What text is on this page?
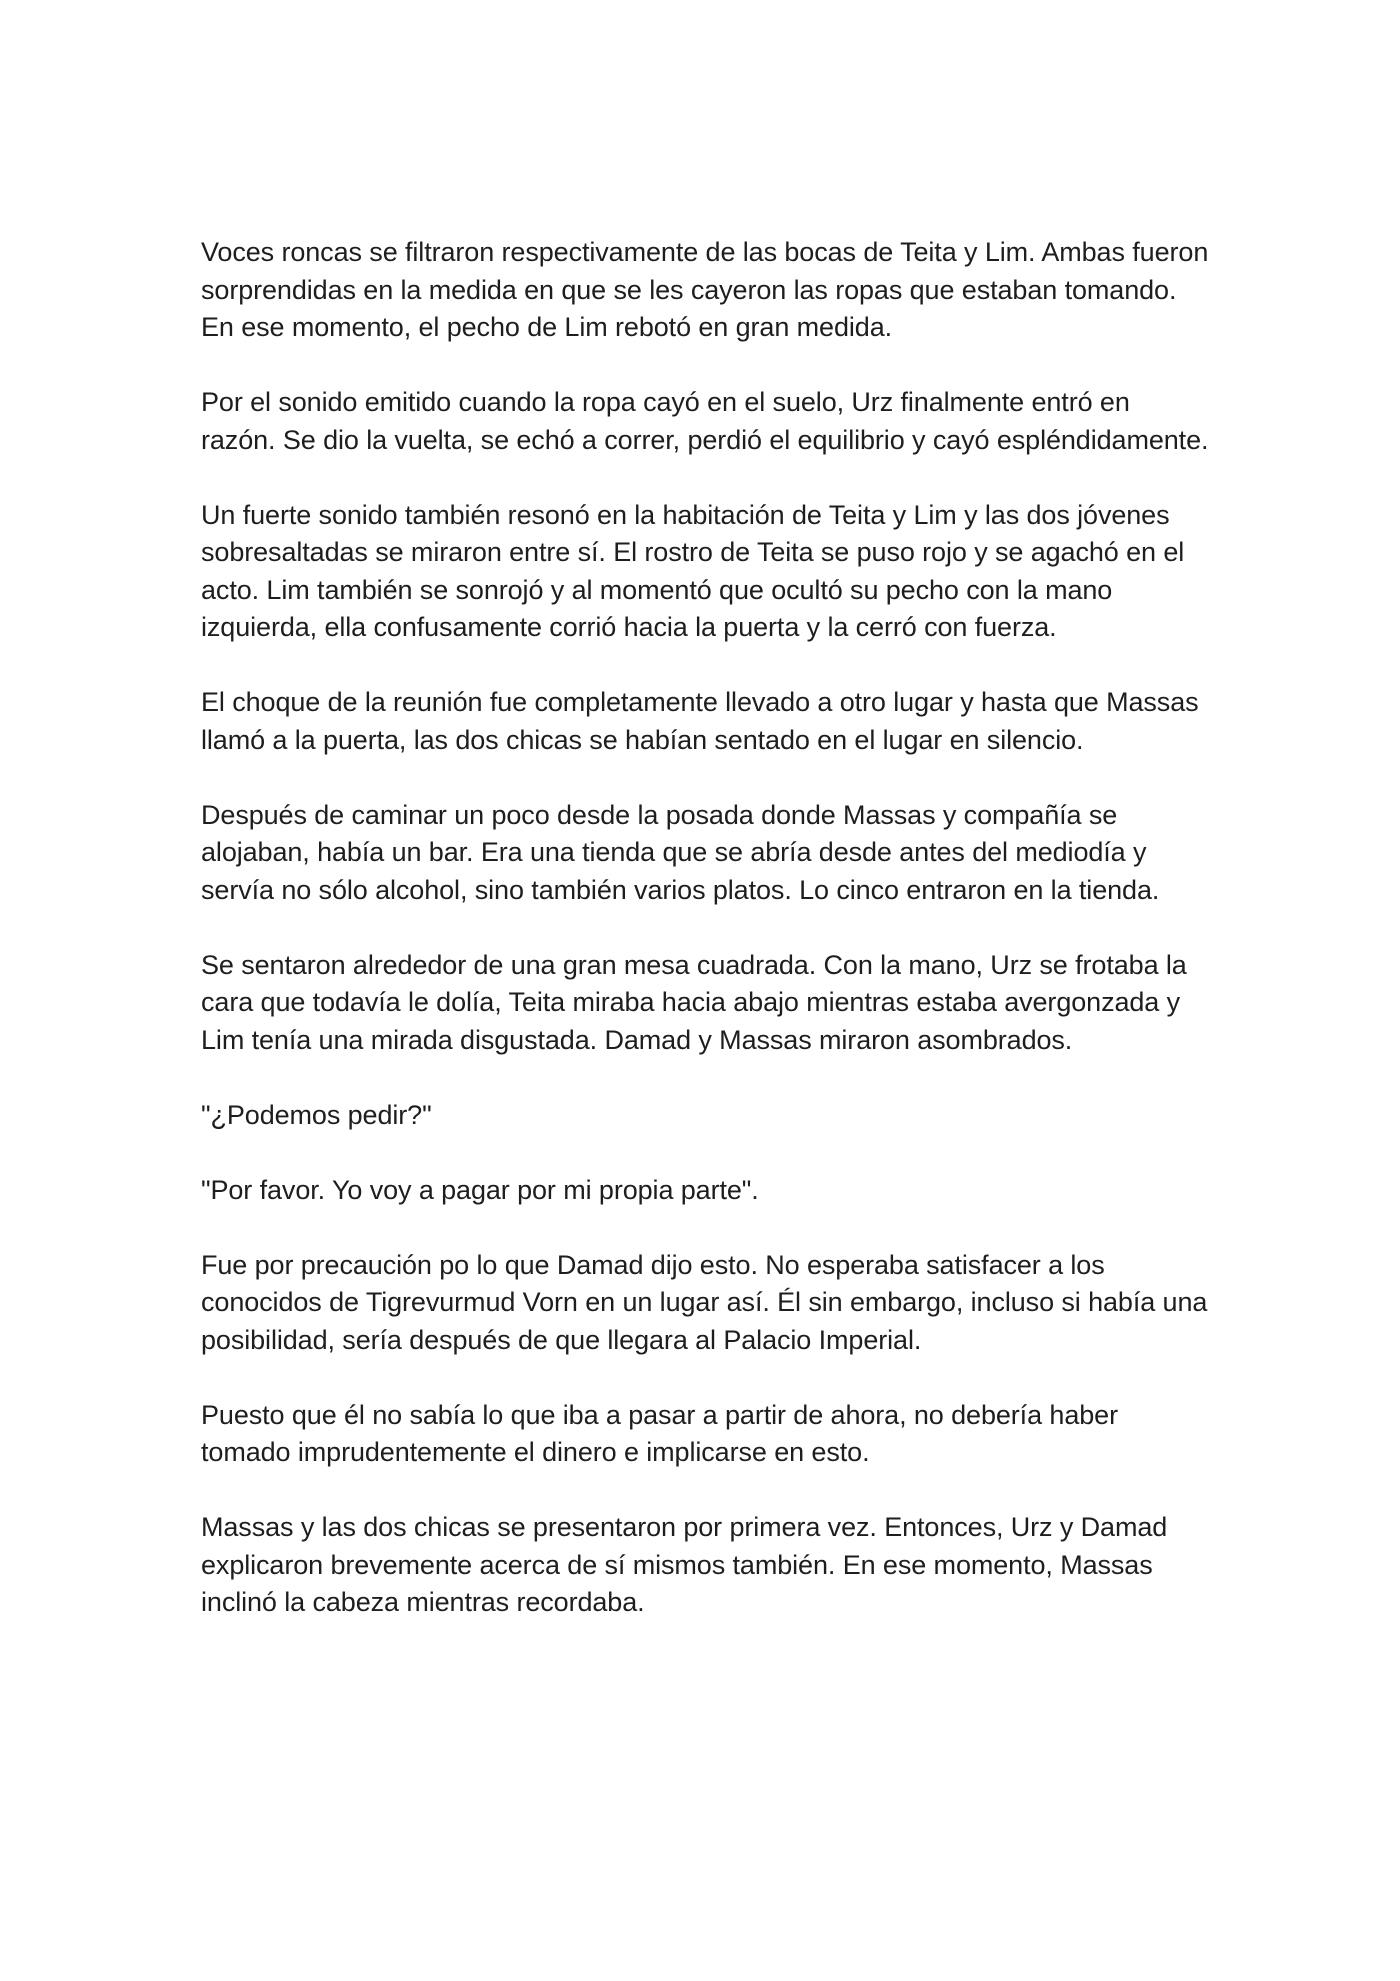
Voces roncas se filtraron respectivamente de las bocas de Teita y Lim. Ambas fueron sorprendidas en la medida en que se les cayeron las ropas que estaban tomando. En ese momento, el pecho de Lim rebotó en gran medida.

Por el sonido emitido cuando la ropa cayó en el suelo, Urz finalmente entró en razón. Se dio la vuelta, se echó a correr, perdió el equilibrio y cayó espléndidamente.

Un fuerte sonido también resonó en la habitación de Teita y Lim y las dos jóvenes sobresaltadas se miraron entre sí. El rostro de Teita se puso rojo y se agachó en el acto. Lim también se sonrojó y al momentó que ocultó su pecho con la mano izquierda, ella confusamente corrió hacia la puerta y la cerró con fuerza.

El choque de la reunión fue completamente llevado a otro lugar y hasta que Massas llamó a la puerta, las dos chicas se habían sentado en el lugar en silencio.

Después de caminar un poco desde la posada donde Massas y compañía se alojaban, había un bar. Era una tienda que se abría desde antes del mediodía y servía no sólo alcohol, sino también varios platos. Lo cinco entraron en la tienda.

Se sentaron alrededor de una gran mesa cuadrada. Con la mano, Urz se frotaba la cara que todavía le dolía, Teita miraba hacia abajo mientras estaba avergonzada y Lim tenía una mirada disgustada. Damad y Massas miraron asombrados.

"¿Podemos pedir?"

"Por favor. Yo voy a pagar por mi propia parte".

Fue por precaución po lo que Damad dijo esto. No esperaba satisfacer a los conocidos de Tigrevurmud Vorn en un lugar así. Él sin embargo, incluso si había una posibilidad, sería después de que llegara al Palacio Imperial.

Puesto que él no sabía lo que iba a pasar a partir de ahora, no debería haber tomado imprudentemente el dinero e implicarse en esto.

Massas y las dos chicas se presentaron por primera vez. Entonces, Urz y Damad explicaron brevemente acerca de sí mismos también. En ese momento, Massas inclinó la cabeza mientras recordaba.
